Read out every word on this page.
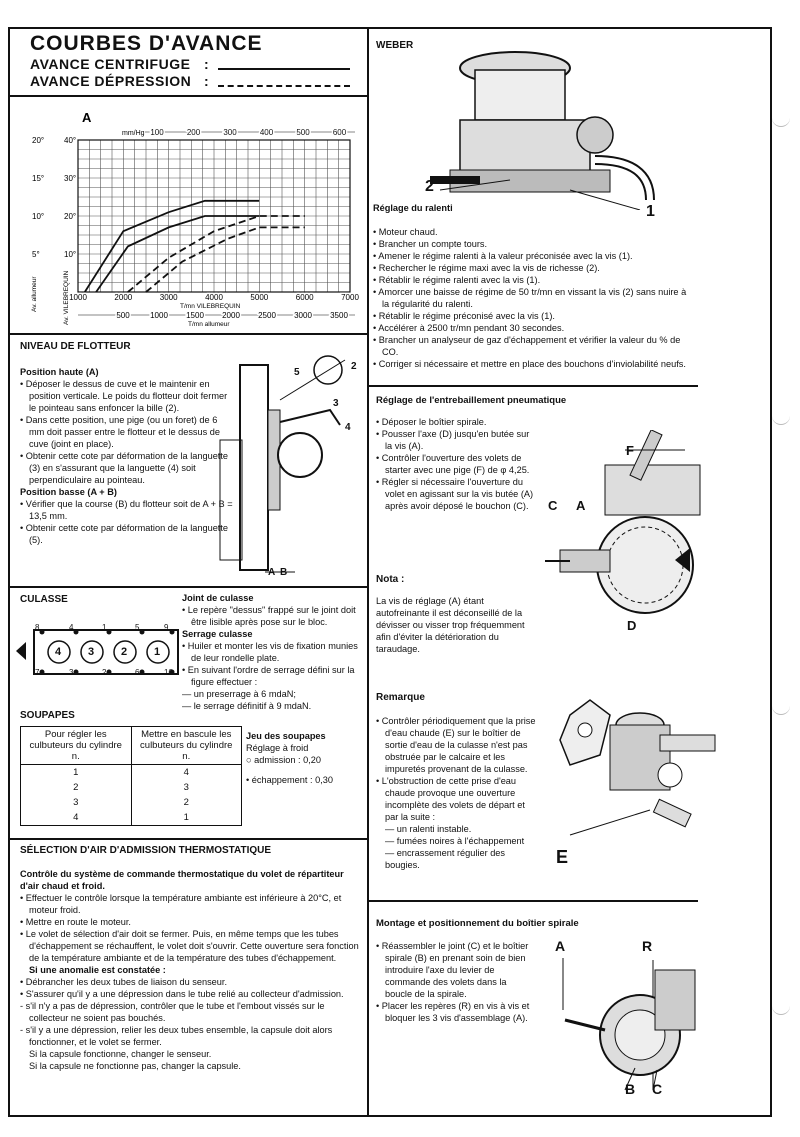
COURBES D'AVANCE
AVANCE CENTRIFUGE :
AVANCE DÉPRESSION :
A
mm/Hg 100	200	300	400	500	600
20°
15°
10°
5°
40°
30°
20°
10°
Av. allumeur	Av. VILEBREQUIN 1000	2000	3000	4000	5000	6000	7000
T/mn VILEBREQUIN
500	1000 1500 2000 2500 3000 3500
T/mn allumeur
NIVEAU DE FLOTTEUR

Position haute (A)

• Déposer le dessus de cuve et le maintenir en position verticale. Le poids du flotteur doit fermer le pointeau sans enfoncer la bille (2).

• Dans cette position, une pige (ou un foret) de 6 mm doit passer entre le flotteur et le dessus de cuve (joint en place).

• Obtenir cette cote par déformation de la languette (3) en s'assurant que la languette (4) soit perpendiculaire au pointeau.

Position basse (A + B)

• Vérifier que la course (B) du flotteur soit de A + B = 13,5 mm.

• Obtenir cette cote par déformation de la languette (5).

2
5
3
4
A B
CULASSE
8	4	1	5	9
7	3	2	6	10
4 3 2 1

Joint de culasse

• Le repère "dessus" frappé sur le joint doit être lisible après pose sur le bloc.

Serrage culasse

• Huiler et monter les vis de fixation munies de leur rondelle plate.

• En suivant l'ordre de serrage défini sur la figure effectuer :

— un preserrage à 6 mdaN;

— le serrage définitif à 9 mdaN.

SOUPAPES
Pour régler les culbuteurs du cylindre n.	Mettre en bascule les culbuteurs du cylindre n.
1	4
2	3
3	2
4	1

Jeu des soupapes

Réglage à froid

○ admission : 0,20

• échappement : 0,30

SÉLECTION D'AIR D'ADMISSION THERMOSTATIQUE

Contrôle du système de commande thermostatique du volet de répartiteur d'air chaud et froid.

• Effectuer le contrôle lorsque la température ambiante est inférieure à 20°C, et moteur froid.

• Mettre en route le moteur.

• Le volet de sélection d'air doit se fermer. Puis, en même temps que les tubes d'échappement se réchauffent, le volet doit s'ouvrir. Cette ouverture sera fonction de la température ambiante et de la température des tubes d'échappement.

Si une anomalie est constatée :

• Débrancher les deux tubes de liaison du senseur.

• S'assurer qu'il y a une dépression dans le tube relié au collecteur d'admission.

- s'il n'y a pas de dépression, contrôler que le tube et l'embout vissés sur le collecteur ne soient pas bouchés.

- s'il y a une dépression, relier les deux tubes ensemble, la capsule doit alors fonctionner, et le volet se fermer.

Si la capsule fonctionne, changer le senseur.

Si la capsule ne fonctionne pas, changer la capsule.

WEBER
2
1

Réglage du ralenti

• Moteur chaud.

• Brancher un compte tours.

• Amener le régime ralenti à la valeur préconisée avec la vis (1).

• Rechercher le régime maxi avec la vis de richesse (2).

• Rétablir le régime ralenti avec la vis (1).

• Amorcer une baisse de régime de 50 tr/mn en vissant la vis (2) sans nuire à la régularité du ralenti.

• Rétablir le régime préconisé avec la vis (1).

• Accélérer à 2500 tr/mn pendant 30 secondes.

• Brancher un analyseur de gaz d'échappement et vérifier la valeur du % de CO.

• Corriger si nécessaire et mettre en place des bouchons d'inviolabilité neufs.

Réglage de l'entrebaillement pneumatique

• Déposer le boîtier spirale.

• Pousser l'axe (D) jusqu'en butée sur la vis (A).

• Contrôler l'ouverture des volets de starter avec une pige (F) de φ 4,25.

• Régler si nécessaire l'ouverture du volet en agissant sur la vis butée (A) après avoir déposé le bouchon (C).

F
C A
D
Nota :
La vis de réglage (A) étant autofreinante il est déconseillé de la dévisser ou visser trop fréquemment afin d'éviter la détérioration du taraudage.
Remarque

• Contrôler périodiquement que la prise d'eau chaude (E) sur le boîtier de sortie d'eau de la culasse n'est pas obstruée par le calcaire et les impuretés provenant de la culasse.

• L'obstruction de cette prise d'eau chaude provoque une ouverture incomplète des volets de départ et par la suite :

— un ralenti instable.

— fumées noires à l'échappement

— encrassement régulier des bougies.	E
Montage et positionnement du boîtier spirale

• Réassembler le joint (C) et le boîtier spirale (B) en prenant soin de bien introduire l'axe du levier de commande des volets dans la boucle de la spirale.

• Placer les repères (R) en vis à vis et bloquer les 3 vis d'assemblage (A).

A	R
B C
